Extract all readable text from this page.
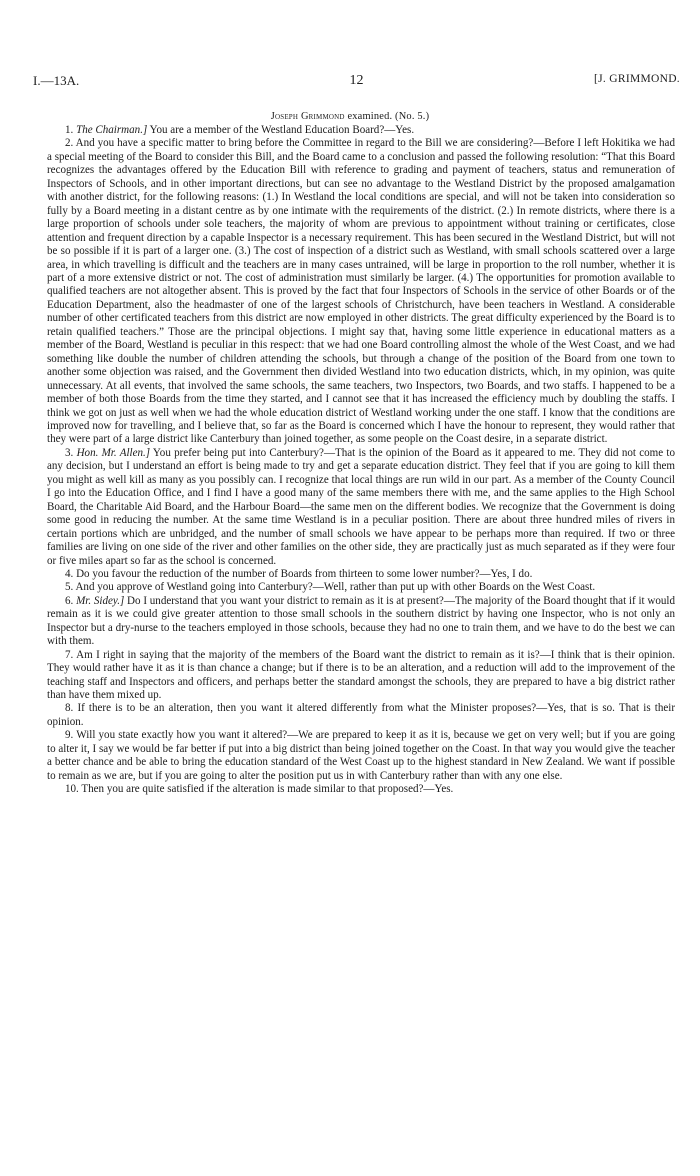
I.—13A.	12	[J. GRIMMOND.
Joseph Grimmond examined. (No. 5.)

1. The Chairman.] You are a member of the Westland Education Board?—Yes.

2. And you have a specific matter to bring before the Committee in regard to the Bill we are considering?—Before I left Hokitika we had a special meeting of the Board to consider this Bill, and the Board came to a conclusion and passed the following resolution: “That this Board recognizes the advantages offered by the Education Bill with reference to grading and payment of teachers, status and remuneration of Inspectors of Schools, and in other important directions, but can see no advantage to the Westland District by the proposed amalgamation with another district, for the following reasons: (1.) In Westland the local conditions are special, and will not be taken into consideration so fully by a Board meeting in a distant centre as by one intimate with the requirements of the district. (2.) In remote districts, where there is a large proportion of schools under sole teachers, the majority of whom are previous to appointment without training or certificates, close attention and frequent direction by a capable Inspector is a necessary requirement. This has been secured in the Westland District, but will not be so possible if it is part of a larger one. (3.) The cost of inspection of a district such as Westland, with small schools scattered over a large area, in which travelling is difficult and the teachers are in many cases untrained, will be large in proportion to the roll number, whether it is part of a more extensive district or not. The cost of administration must similarly be larger. (4.) The opportunities for promotion available to qualified teachers are not altogether absent. This is proved by the fact that four Inspectors of Schools in the service of other Boards or of the Education Department, also the headmaster of one of the largest schools of Christchurch, have been teachers in Westland. A considerable number of other certificated teachers from this district are now employed in other districts. The great difficulty experienced by the Board is to retain qualified teachers.” Those are the principal objections. I might say that, having some little experience in educational matters as a member of the Board, Westland is peculiar in this respect: that we had one Board controlling almost the whole of the West Coast, and we had something like double the number of children attending the schools, but through a change of the position of the Board from one town to another some objection was raised, and the Government then divided Westland into two education districts, which, in my opinion, was quite unnecessary. At all events, that involved the same schools, the same teachers, two Inspectors, two Boards, and two staffs. I happened to be a member of both those Boards from the time they started, and I cannot see that it has increased the efficiency much by doubling the staffs. I think we got on just as well when we had the whole education district of Westland working under the one staff. I know that the conditions are improved now for travelling, and I believe that, so far as the Board is concerned which I have the honour to represent, they would rather that they were part of a large district like Canterbury than joined together, as some people on the Coast desire, in a separate district.

3. Hon. Mr. Allen.] You prefer being put into Canterbury?—That is the opinion of the Board as it appeared to me. They did not come to any decision, but I understand an effort is being made to try and get a separate education district. They feel that if you are going to kill them you might as well kill as many as you possibly can. I recognize that local things are run wild in our part. As a member of the County Council I go into the Education Office, and I find I have a good many of the same members there with me, and the same applies to the High School Board, the Charitable Aid Board, and the Harbour Board—the same men on the different bodies. We recognize that the Government is doing some good in reducing the number. At the same time Westland is in a peculiar position. There are about three hundred miles of rivers in certain portions which are unbridged, and the number of small schools we have appear to be perhaps more than required. If two or three families are living on one side of the river and other families on the other side, they are practically just as much separated as if they were four or five miles apart so far as the school is concerned.

4. Do you favour the reduction of the number of Boards from thirteen to some lower number?—Yes, I do.

5. And you approve of Westland going into Canterbury?—Well, rather than put up with other Boards on the West Coast.

6. Mr. Sidey.] Do I understand that you want your district to remain as it is at present?—The majority of the Board thought that if it would remain as it is we could give greater attention to those small schools in the southern district by having one Inspector, who is not only an Inspector but a dry-nurse to the teachers employed in those schools, because they had no one to train them, and we have to do the best we can with them.

7. Am I right in saying that the majority of the members of the Board want the district to remain as it is?—I think that is their opinion. They would rather have it as it is than chance a change; but if there is to be an alteration, and a reduction will add to the improvement of the teaching staff and Inspectors and officers, and perhaps better the standard amongst the schools, they are prepared to have a big district rather than have them mixed up.

8. If there is to be an alteration, then you want it altered differently from what the Minister proposes?—Yes, that is so. That is their opinion.

9. Will you state exactly how you want it altered?—We are prepared to keep it as it is, because we get on very well; but if you are going to alter it, I say we would be far better if put into a big district than being joined together on the Coast. In that way you would give the teacher a better chance and be able to bring the education standard of the West Coast up to the highest standard in New Zealand. We want if possible to remain as we are, but if you are going to alter the position put us in with Canterbury rather than with any one else.

10. Then you are quite satisfied if the alteration is made similar to that proposed?—Yes.
